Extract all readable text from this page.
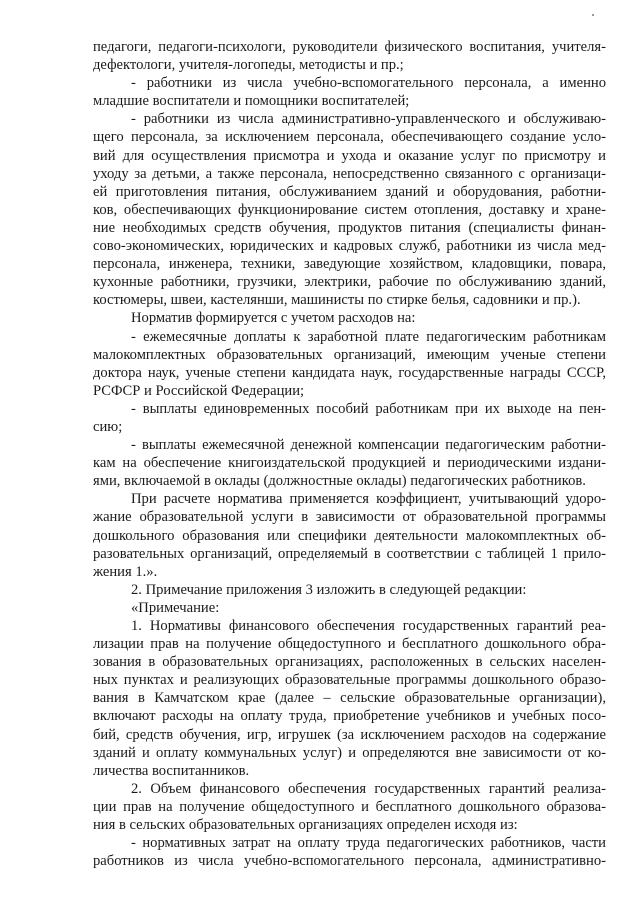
педагоги, педагоги-психологи, руководители физического воспитания, учителя-
дефектологи, учителя-логопеды, методисты и пр.;
- работники из числа учебно-вспомогательного персонала, а именно
младшие воспитатели и помощники воспитателей;
- работники из числа административно-управленческого и обслуживаю-
щего персонала, за исключением персонала, обеспечивающего создание усло-
вий для осуществления присмотра и ухода и оказание услуг по присмотру и
уходу за детьми, а также персонала, непосредственно связанного с организаци-
ей приготовления питания, обслуживанием зданий и оборудования, работни-
ков, обеспечивающих функционирование систем отопления, доставку и хране-
ние необходимых средств обучения, продуктов питания (специалисты финан-
сово-экономических, юридических и кадровых служб, работники из числа мед-
персонала, инженера, техники, заведующие хозяйством, кладовщики, повара,
кухонные работники, грузчики, электрики, рабочие по обслуживанию зданий,
костюмеры, швеи, кастелянши, машинисты по стирке белья, садовники и пр.).
Норматив формируется с учетом расходов на:
- ежемесячные доплаты к заработной плате педагогическим работникам
малокомплектных образовательных организаций, имеющим ученые степени
доктора наук, ученые степени кандидата наук, государственные награды СССР,
РСФСР и Российской Федерации;
- выплаты единовременных пособий работникам при их выходе на пен-
сию;
- выплаты ежемесячной денежной компенсации педагогическим работни-
кам на обеспечение книгоиздательской продукцией и периодическими издани-
ями, включаемой в оклады (должностные оклады) педагогических работников.
При расчете норматива применяется коэффициент, учитывающий удоро-
жание образовательной услуги в зависимости от образовательной программы
дошкольного образования или специфики деятельности малокомплектных об-
разовательных организаций, определяемый в соответствии с таблицей 1 прило-
жения 1.».
2. Примечание приложения 3 изложить в следующей редакции:
«Примечание:
1. Нормативы финансового обеспечения государственных гарантий реа-
лизации прав на получение общедоступного и бесплатного дошкольного обра-
зования в образовательных организациях, расположенных в сельских населен-
ных пунктах и реализующих образовательные программы дошкольного образо-
вания в Камчатском крае (далее – сельские образовательные организации),
включают расходы на оплату труда, приобретение учебников и учебных посо-
бий, средств обучения, игр, игрушек (за исключением расходов на содержание
зданий и оплату коммунальных услуг) и определяются вне зависимости от ко-
личества воспитанников.
2. Объем финансового обеспечения государственных гарантий реализа-
ции прав на получение общедоступного и бесплатного дошкольного образова-
ния в сельских образовательных организациях определен исходя из:
- нормативных затрат на оплату труда педагогических работников, части
работников из числа учебно-вспомогательного персонала, административно-
